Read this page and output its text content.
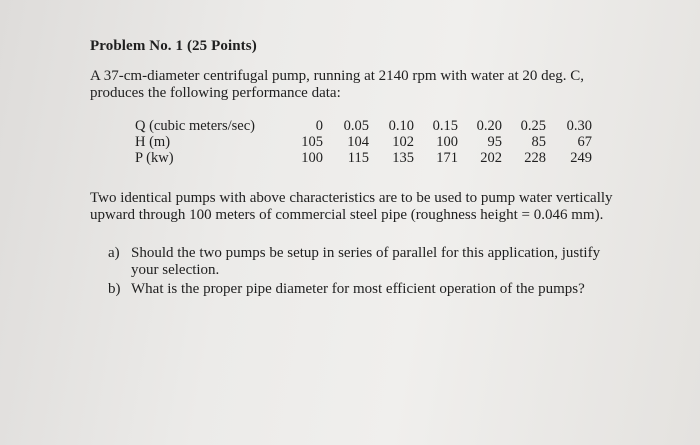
Problem No. 1 (25 Points)
A 37-cm-diameter centrifugal pump, running at 2140 rpm with water at 20 deg. C,
produces the following performance data:
Q (cubic meters/sec)	0	0.05	0.10	0.15	0.20	0.25	0.30
H (m)	105	104	102	100	95	85	67
P (kw)	100	115	135	171	202	228	249
Two identical pumps with above characteristics are to be used to pump water vertically
upward through 100 meters of commercial steel pipe (roughness height = 0.046 mm).
a) Should the two pumps be setup in series of parallel for this application, justify
your selection.
b) What is the proper pipe diameter for most efficient operation of the pumps?
